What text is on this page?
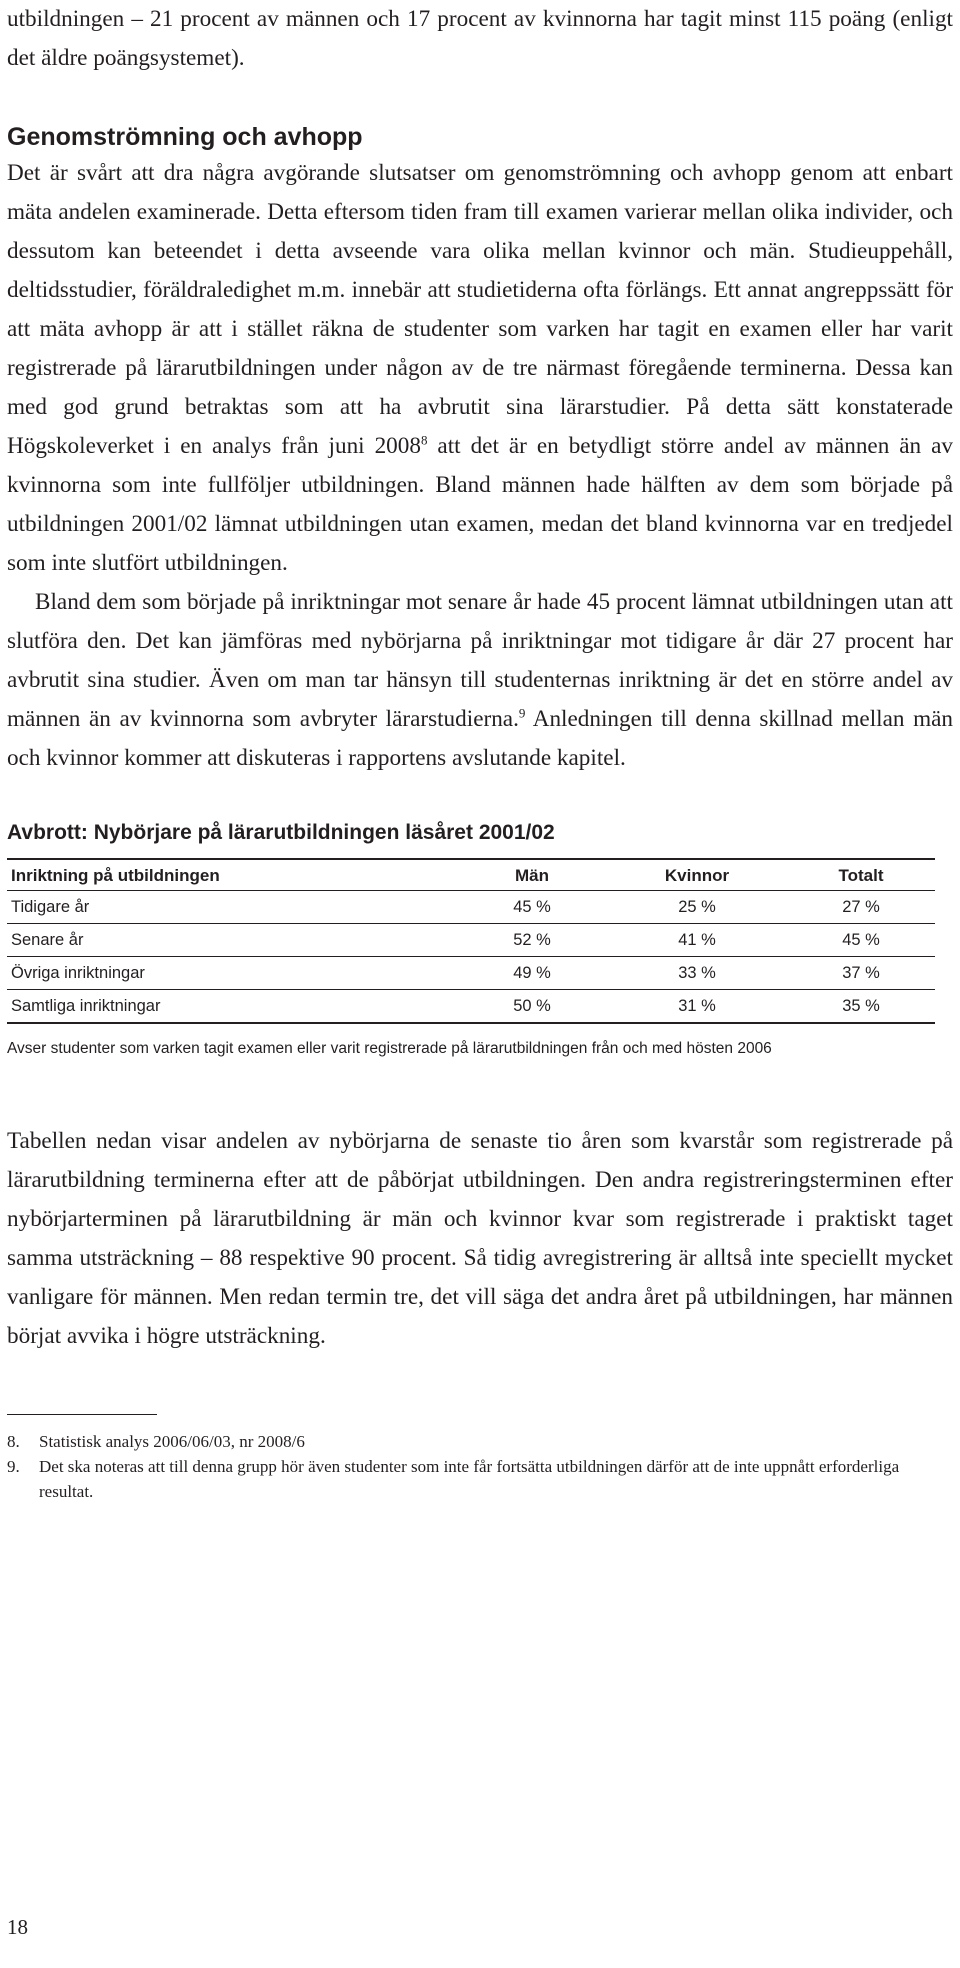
utbildningen – 21 procent av männen och 17 procent av kvinnorna har tagit minst 115 poäng (enligt det äldre poängsystemet).

Genomströmning och avhopp

Det är svårt att dra några avgörande slutsatser om genomströmning och avhopp genom att enbart mäta andelen examinerade. Detta eftersom tiden fram till examen varierar mellan olika individer, och dessutom kan beteendet i detta avseende vara olika mellan kvinnor och män. Studieuppehåll, deltidsstudier, föräldraledighet m.m. innebär att studietiderna ofta förlängs. Ett annat angreppssätt för att mäta avhopp är att i stället räkna de studenter som varken har tagit en examen eller har varit registrerade på lärarutbildningen under någon av de tre närmast föregående terminerna. Dessa kan med god grund betraktas som att ha avbrutit sina lärarstudier. På detta sätt konstaterade Högskoleverket i en analys från juni 2008$^8$ att det är en betydligt större andel av männen än av kvinnorna som inte fullföljer utbildningen. Bland männen hade hälften av dem som började på utbildningen 2001/02 lämnat utbildningen utan examen, medan det bland kvinnorna var en tredjedel som inte slutfört utbildningen.

Bland dem som började på inriktningar mot senare år hade 45 procent lämnat utbildningen utan att slutföra den. Det kan jämföras med nybörjarna på inriktningar mot tidigare år där 27 procent har avbrutit sina studier. Även om man tar hänsyn till studenternas inriktning är det en större andel av männen än av kvinnorna som avbryter lärarstudierna.$^9$ Anledningen till denna skillnad mellan män och kvinnor kommer att diskuteras i rapportens avslutande kapitel.

Avbrott: Nybörjare på lärarutbildningen läsåret 2001/02

Inriktning på utbildningen	Män	Kvinnor	Totalt
Tidigare år	45 %	25 %	27 %
Senare år	52 %	41 %	45 %
Övriga inriktningar	49 %	33 %	37 %
Samtliga inriktningar	50 %	31 %	35 %

Avser studenter som varken tagit examen eller varit registrerade på lärarutbildningen från och med hösten 2006

Tabellen nedan visar andelen av nybörjarna de senaste tio åren som kvarstår som registrerade på lärarutbildning terminerna efter att de påbörjat utbildningen. Den andra registreringsterminen efter nybörjarterminen på lärarutbildning är män och kvinnor kvar som registrerade i praktiskt taget samma utsträckning – 88 respektive 90 procent. Så tidig avregistrering är alltså inte speciellt mycket vanligare för männen. Men redan termin tre, det vill säga det andra året på utbildningen, har männen börjat avvika i högre utsträckning.

8.	Statistisk analys 2006/06/03, nr 2008/6
9.	Det ska noteras att till denna grupp hör även studenter som inte får fortsätta utbildningen därför att de inte uppnått erforderliga resultat.
18
